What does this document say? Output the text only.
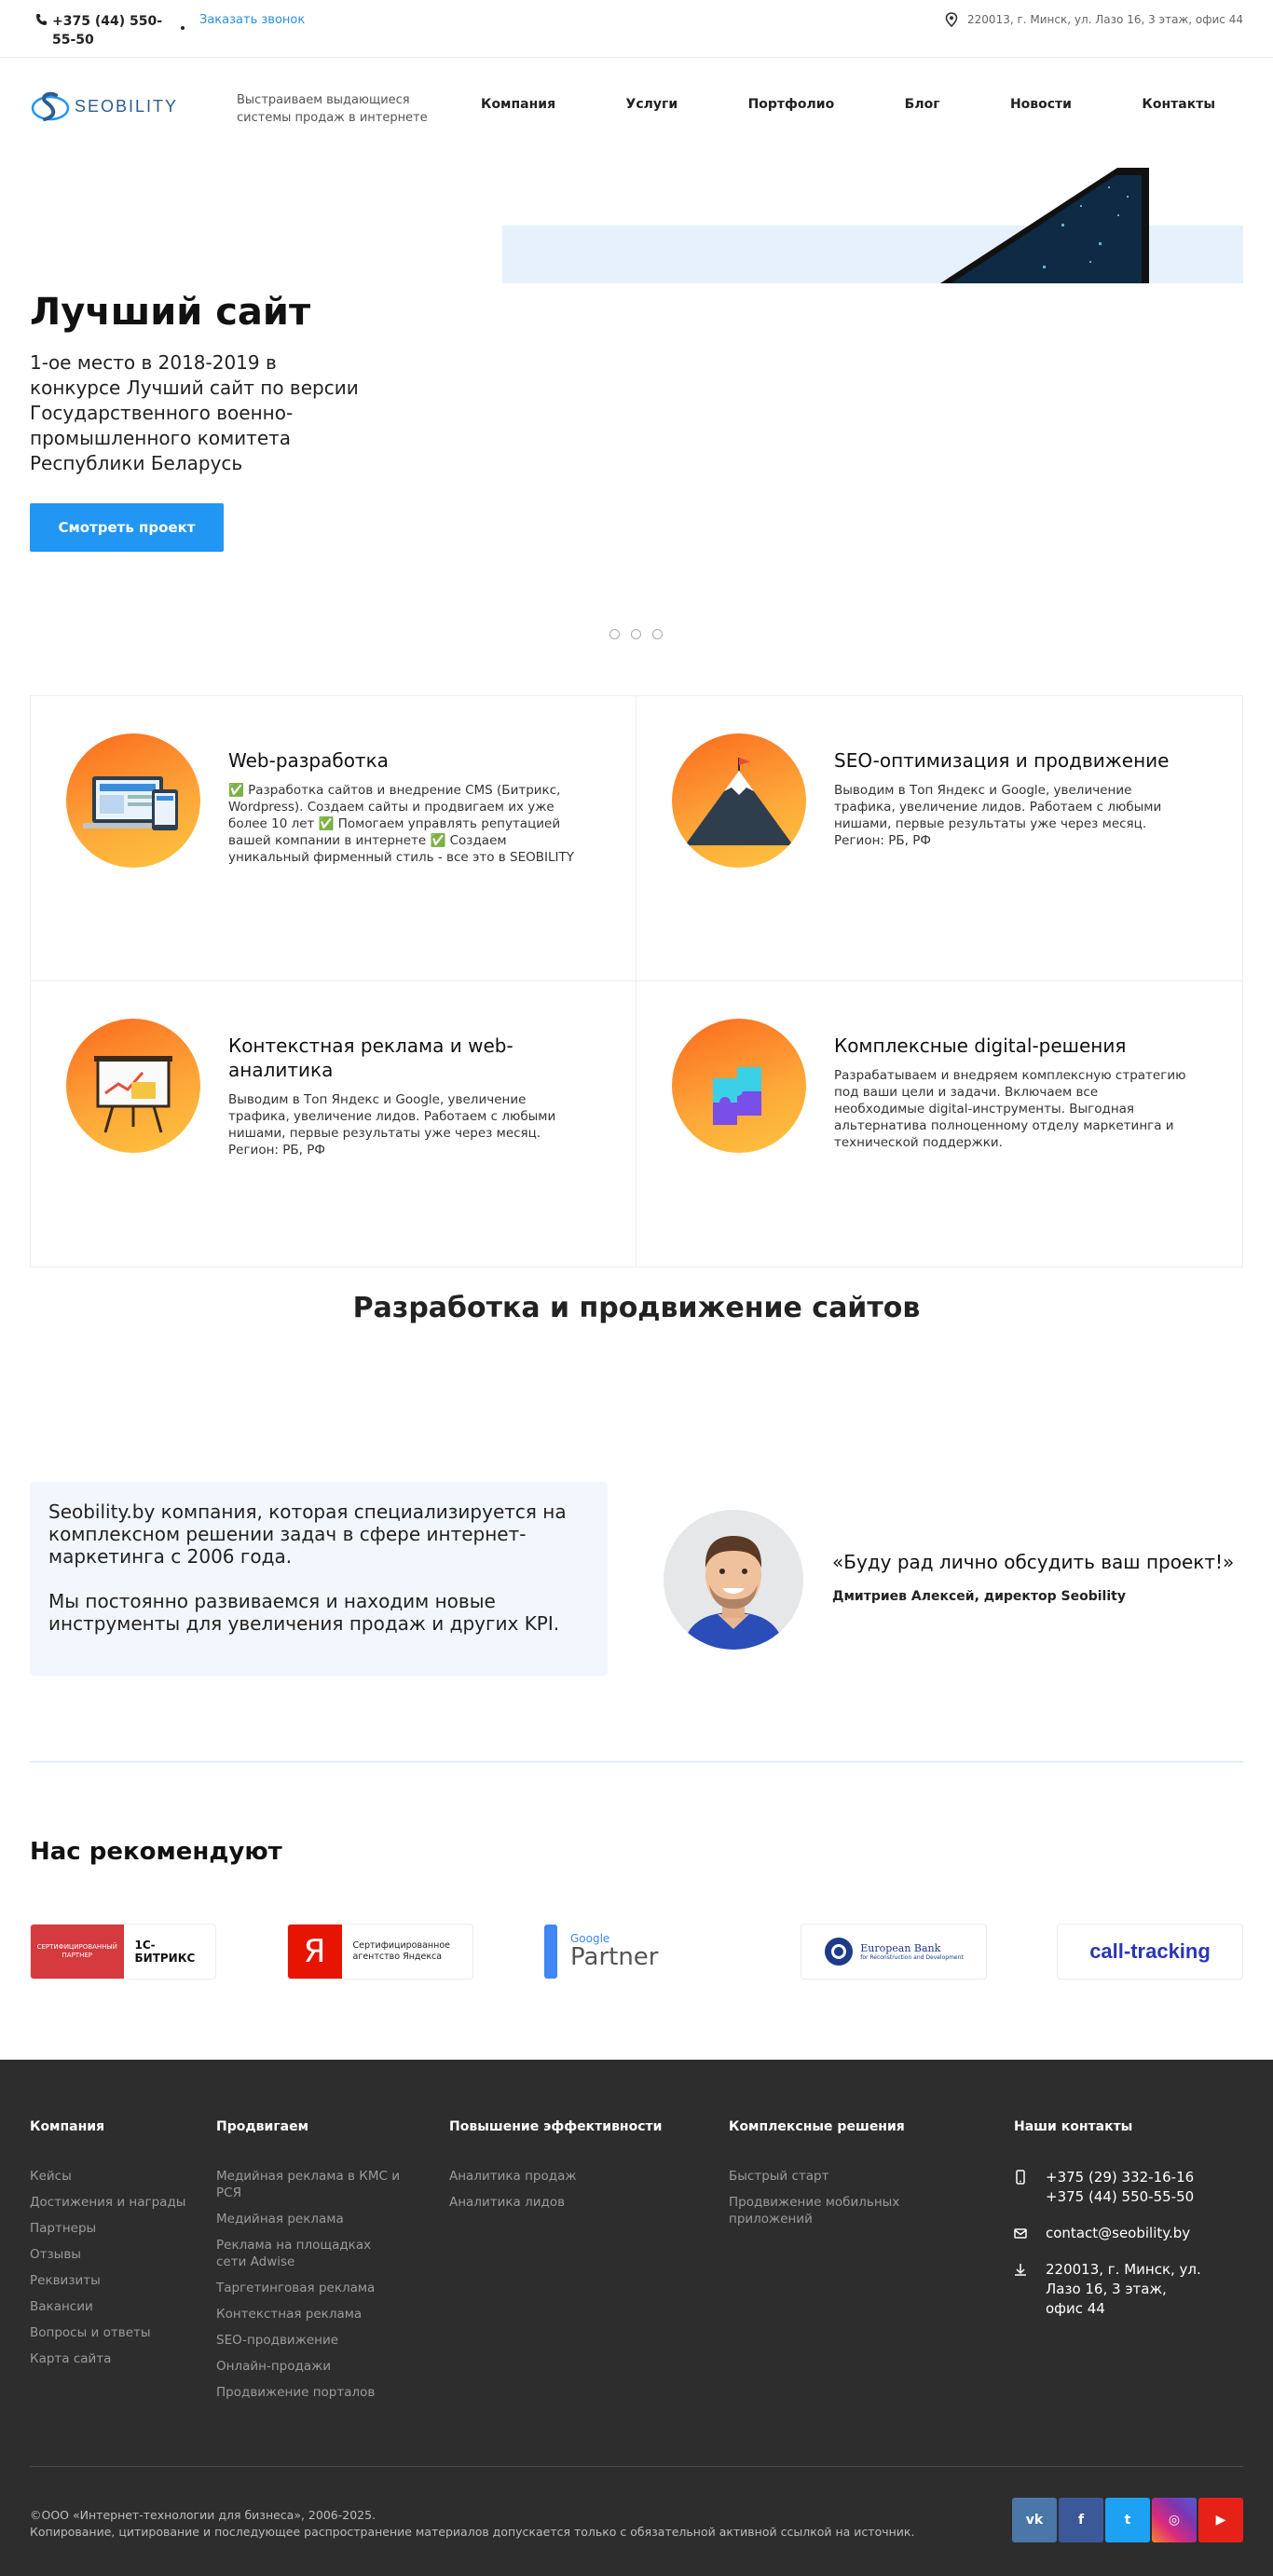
+375 (44) 550-55-50
Заказать звонок	220013, г. Минск, ул. Лазо 16, 3 этаж, офис 44
SEOBILITY	Выстраиваем выдающиеся системы продаж в интернете
Компания	Услуги	Портфолио	Блог	Новости	Контакты
Лучший сайт

1-ое место в 2018-2019 в конкурсе Лучший сайт по версии Государственного военно-промышленного комитета Республики Беларусь

Смотреть проект
Web-разработка
✅ Разработка сайтов и внедрение CMS (Битрикс, Wordpress). Создаем сайты и продвигаем их уже более 10 лет ✅ Помогаем управлять репутацией вашей компании в интернете ✅ Создаем уникальный фирменный стиль - все это в SEOBILITY
SEO-оптимизация и продвижение
Выводим в Топ Яндекс и Google, увеличение трафика, увеличение лидов. Работаем с любыми нишами, первые результаты уже через месяц. Регион: РБ, РФ
Контекстная реклама и web-аналитика
Выводим в Топ Яндекс и Google, увеличение трафика, увеличение лидов. Работаем с любыми нишами, первые результаты уже через месяц. Регион: РБ, РФ
Комплексные digital-решения
Разрабатываем и внедряем комплексную стратегию под ваши цели и задачи. Включаем все необходимые digital-инструменты. Выгодная альтернатива полноценному отделу маркетинга и технической поддержки.
Разработка и продвижение сайтов

Seobility.by компания, которая специализируется на комплексном решении задач в сфере интернет-маркетинга с 2006 года.

Мы постоянно развиваемся и находим новые инструменты для увеличения продаж и других KPI.

«Буду рад лично обсудить ваш проект!»
Дмитриев Алексей, директор Seobility
Нас рекомендуют
СЕРТИФИЦИРОВАННЫЙ ПАРТНЕР
1С-БИТРИКС	Я	Сертифицированное агентство Яндекса
Google
Partner	European Bank
for Reconstruction and Development	call-tracking
Компания
Кейсы
Достижения и награды
Партнеры
Отзывы
Реквизиты
Вакансии
Вопросы и ответы
Карта сайта
Продвигаем
Медийная реклама в КМС и РСЯ
Медийная реклама
Реклама на площадках сети Adwise
Таргетинговая реклама
Контекстная реклама
SEO-продвижение
Онлайн-продажи
Продвижение порталов
Повышение эффективности
Аналитика продаж
Аналитика лидов
Комплексные решения
Быстрый старт
Продвижение мобильных приложений
Наши контакты
+375 (29) 332-16-16
+375 (44) 550-55-50
contact@seobility.by
220013, г. Минск, ул. Лазо 16, 3 этаж, офис 44
©ООО «Интернет-технологии для бизнеса», 2006-2025.
Копирование, цитирование и последующее распространение материалов допускается только с обязательной активной ссылкой на источник.
vk	f	t	◎	▶
